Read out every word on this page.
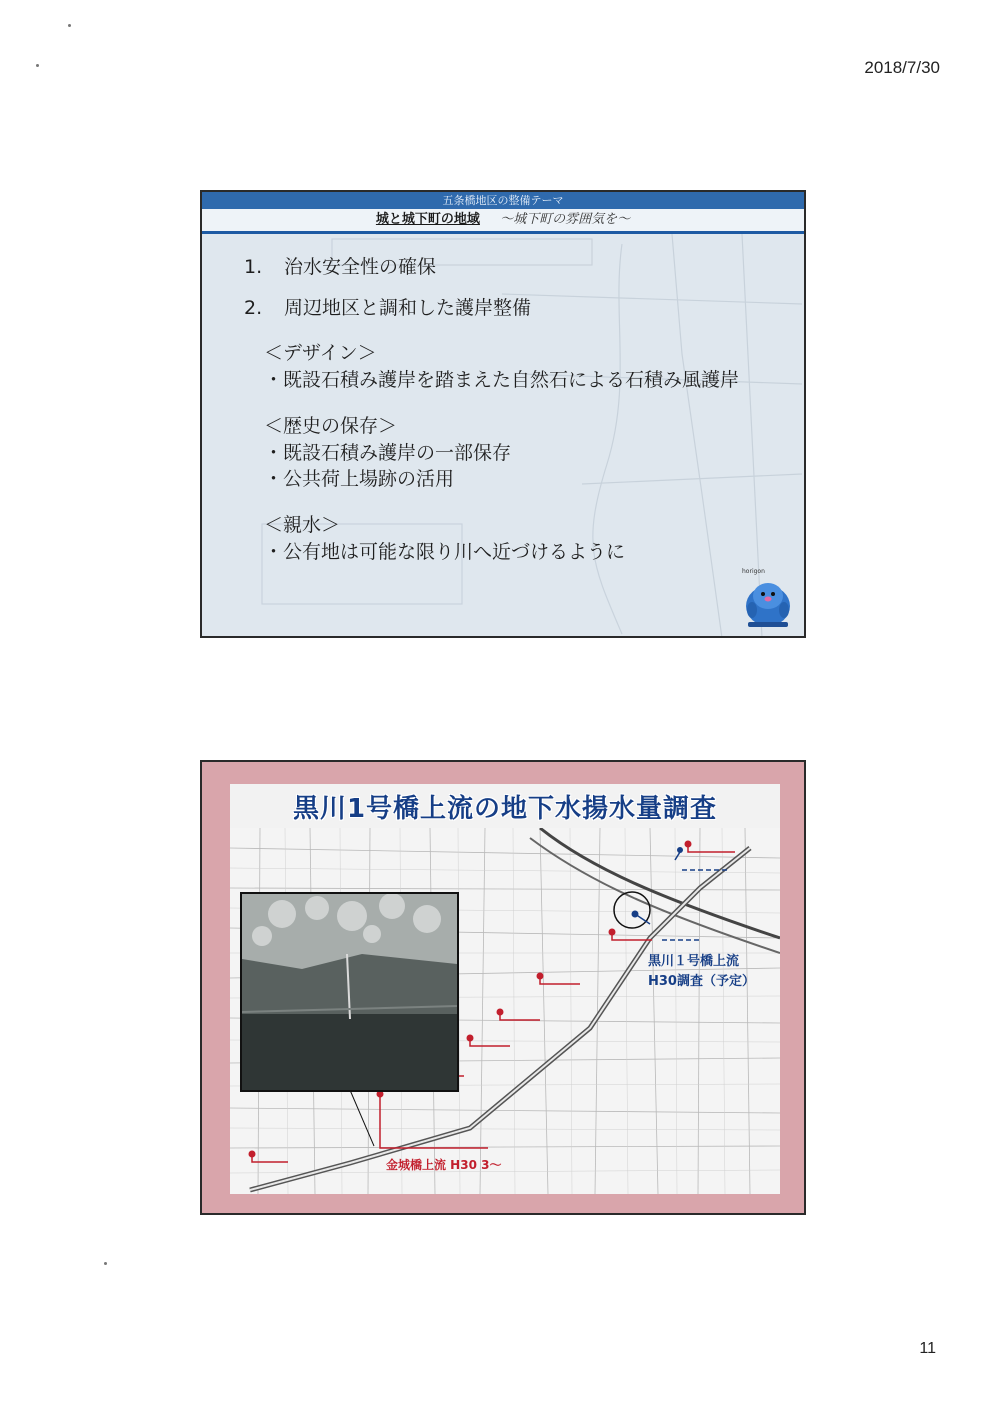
2018/7/30
11
五条橋地区の整備テーマ
城と城下町の地域 ～城下町の雰囲気を～
1. 治水安全性の確保
2. 周辺地区と調和した護岸整備
＜デザイン＞
・既設石積み護岸を踏まえた自然石による石積み風護岸
＜歴史の保存＞
・既設石積み護岸の一部保存
・公共荷上場跡の活用
＜親水＞
・公有地は可能な限り川へ近づけるように
horigon
黒川1号橋上流の地下水揚水量調査
黒川１号橋上流
H30調査（予定）
金城橋上流 H30 3～
